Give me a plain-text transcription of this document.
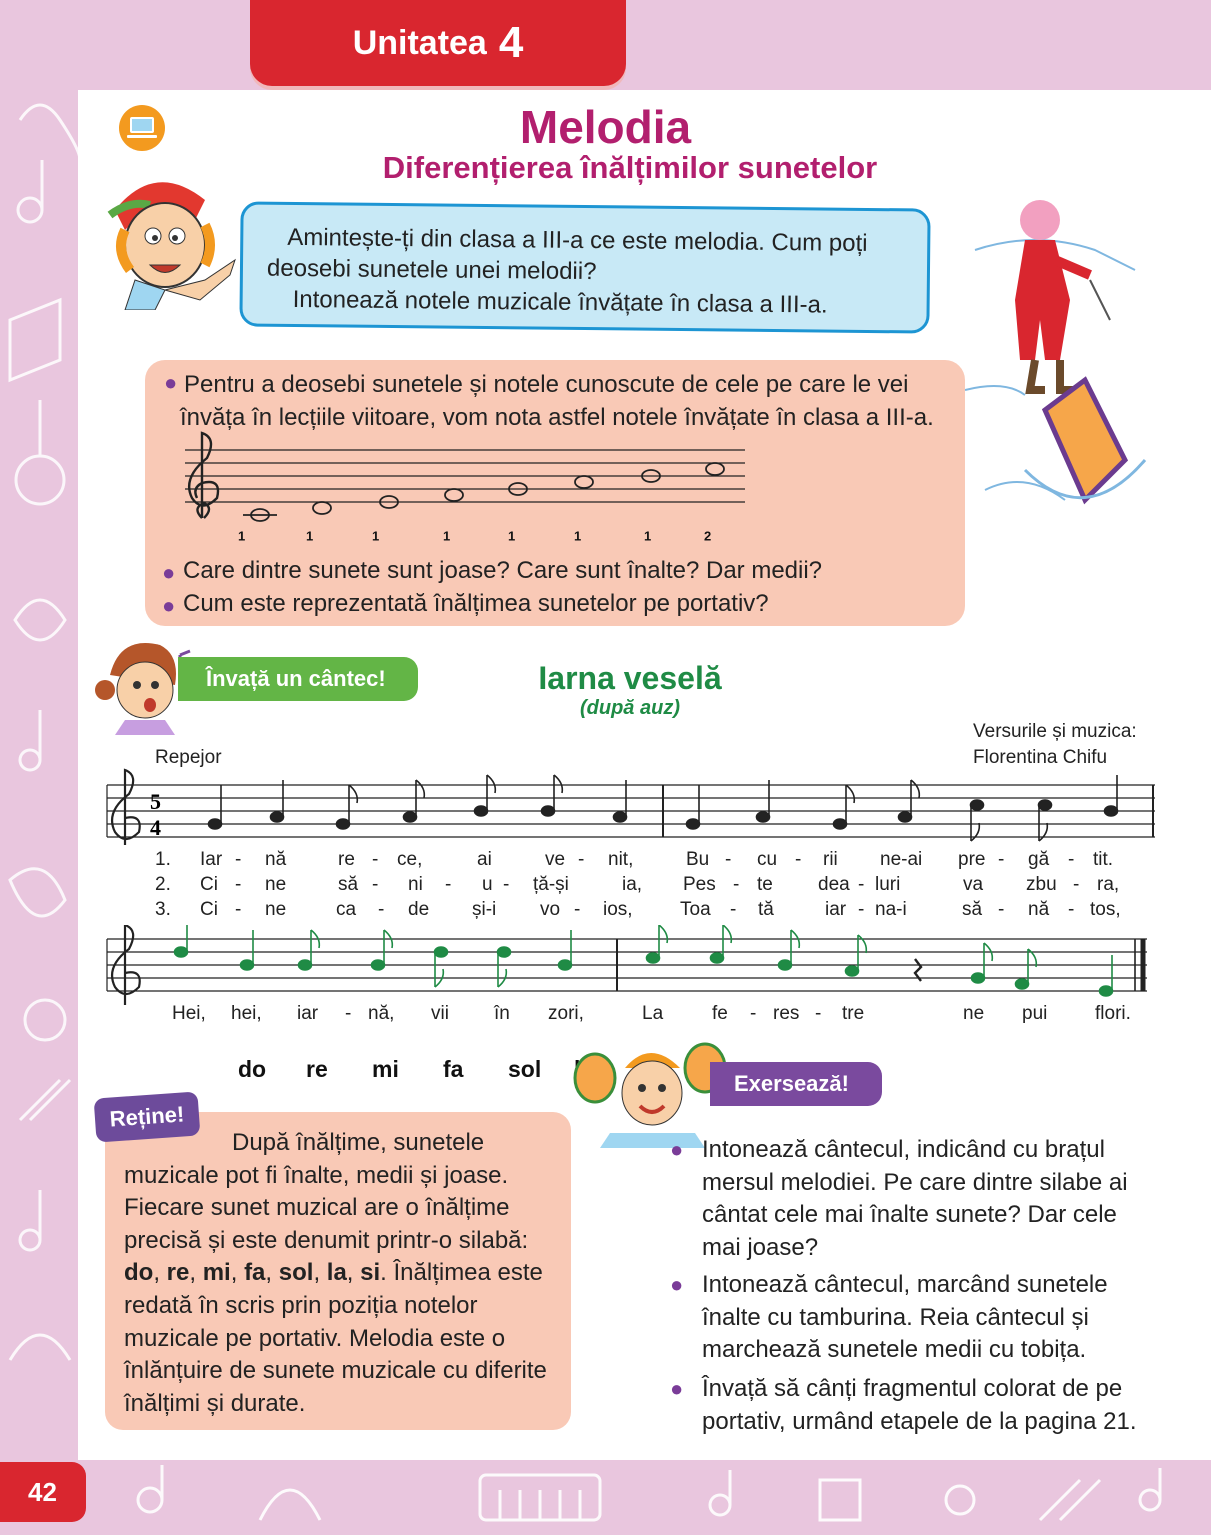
Unitatea 4
Melodia
Diferențierea înălțimilor sunetelor
Amintește-ți din clasa a III-a ce este melodia. Cum poți
deosebi sunetele unei melodii?
Intonează notele muzicale învățate în clasa a III-a.
● Pentru a deosebi sunetele și notele cunoscute de cele pe care le vei
învăța în lecțiile viitoare, vom nota astfel notele învățate în clasa a III-a.
do
$^1$
re
$^1$
mi
$^1$
fa
$^1$
sol
$^1$	$^1$	$^1$	$^2$
● Care dintre sunete sunt joase? Care sunt înalte? Dar medii?
● Cum este reprezentată înălțimea sunetelor pe portativ?
Învață un cântec!	Iarna veselă
(după auz)
Versurile și muzica:
Florentina Chifu
Repejor
5
4
1. Iar - nă	re - ce,	ai	ve - nit,	Bu - cu - rii ne-ai pre - gă - tit.
2. Ci - ne	să - ni - u - ță-și	ia, Pes - te dea - luri	va zbu - ra,
3. Ci - ne	ca - de și-i vo - ios, Toa - tă	iar - na-i	să - nă - tos,
Hei, hei, iar - nă, vii în zori,	La	fe - res - tre	ne pui	flori.
Reține!
După înălțime, sunetele muzicale pot fi înalte, medii și joase. Fiecare sunet muzical are o înălțime precisă și este denumit printr-o silabă: do, re, mi, fa, sol, la, si. Înălțimea este redată în scris prin poziția notelor muzicale pe portativ. Melodia este o înlănțuire de sunete muzicale cu diferite înălțimi și durate.
Exersează!
● Intonează cântecul, indicând cu brațul mersul melodiei. Pe care dintre silabe ai cântat cele mai înalte sunete? Dar cele mai joase?
● Intonează cântecul, marcând sunetele înalte cu tamburina. Reia cântecul și marchează sunetele medii cu tobița.
● Învață să cânți fragmentul colorat de pe portativ, urmând etapele de la pagina 21.
42
